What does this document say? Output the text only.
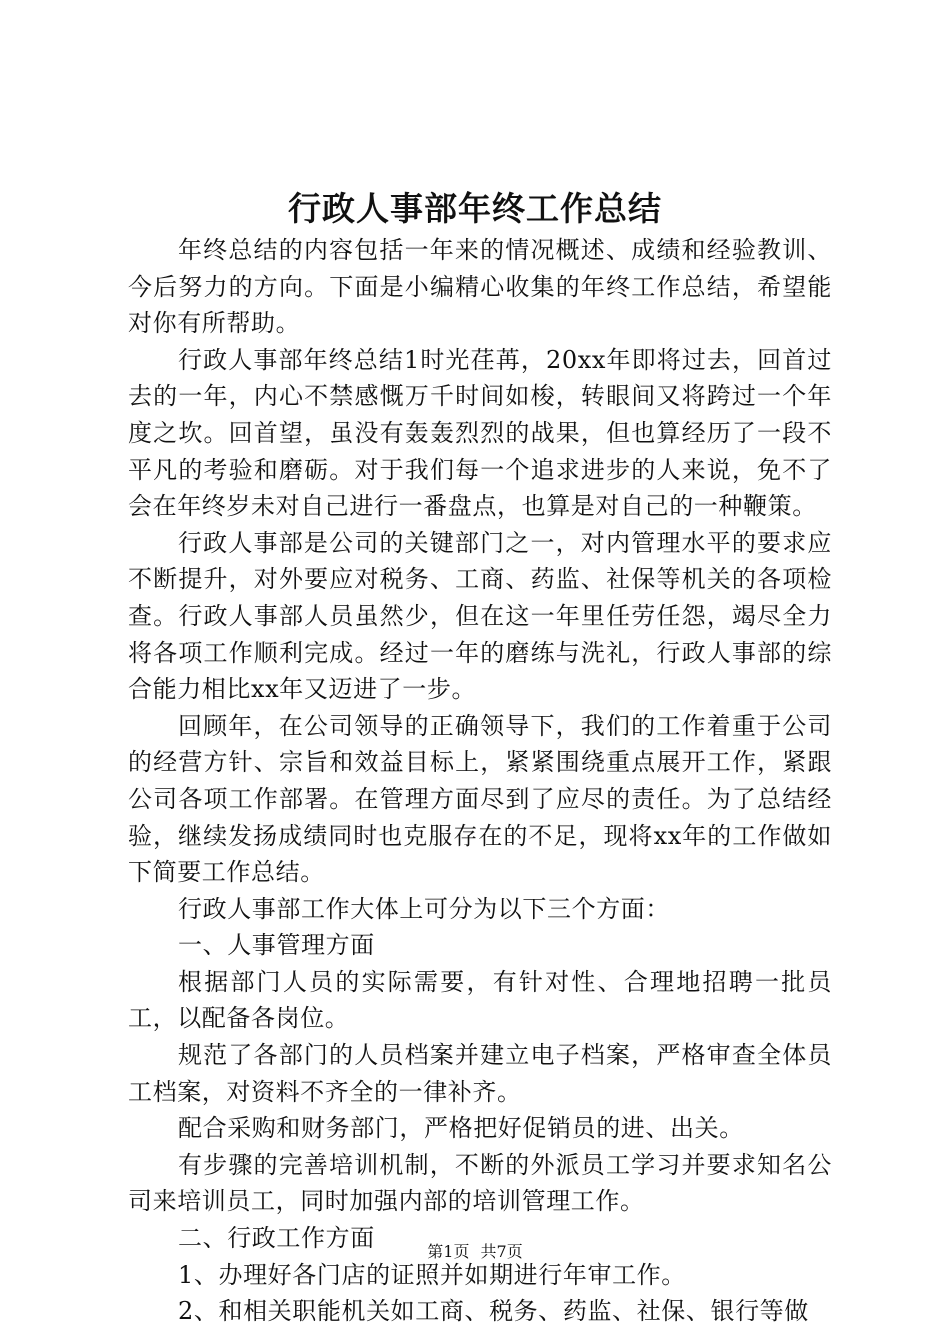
行政人事部年终工作总结

年终总结的内容包括一年来的情况概述、成绩和经验教训、今后努力的方向。下面是小编精心收集的年终工作总结，希望能对你有所帮助。

行政人事部年终总结1时光荏苒，20xx年即将过去，回首过去的一年，内心不禁感慨万千时间如梭，转眼间又将跨过一个年度之坎。回首望，虽没有轰轰烈烈的战果，但也算经历了一段不平凡的考验和磨砺。对于我们每一个追求进步的人来说，免不了会在年终岁未对自己进行一番盘点，也算是对自己的一种鞭策。

行政人事部是公司的关键部门之一，对内管理水平的要求应不断提升，对外要应对税务、工商、药监、社保等机关的各项检查。行政人事部人员虽然少，但在这一年里任劳任怨，竭尽全力将各项工作顺利完成。经过一年的磨练与洗礼，行政人事部的综合能力相比xx年又迈进了一步。

回顾年，在公司领导的正确领导下，我们的工作着重于公司的经营方针、宗旨和效益目标上，紧紧围绕重点展开工作，紧跟公司各项工作部署。在管理方面尽到了应尽的责任。为了总结经验，继续发扬成绩同时也克服存在的不足，现将xx年的工作做如下简要工作总结。

行政人事部工作大体上可分为以下三个方面：

一、人事管理方面

根据部门人员的实际需要，有针对性、合理地招聘一批员工，以配备各岗位。

规范了各部门的人员档案并建立电子档案，严格审查全体员工档案，对资料不齐全的一律补齐。

配合采购和财务部门，严格把好促销员的进、出关。

有步骤的完善培训机制，不断的外派员工学习并要求知名公司来培训员工，同时加强内部的培训管理工作。

二、行政工作方面

1、办理好各门店的证照并如期进行年审工作。

2、和相关职能机关如工商、税务、药监、社保、银行等做

第1页 共7页
